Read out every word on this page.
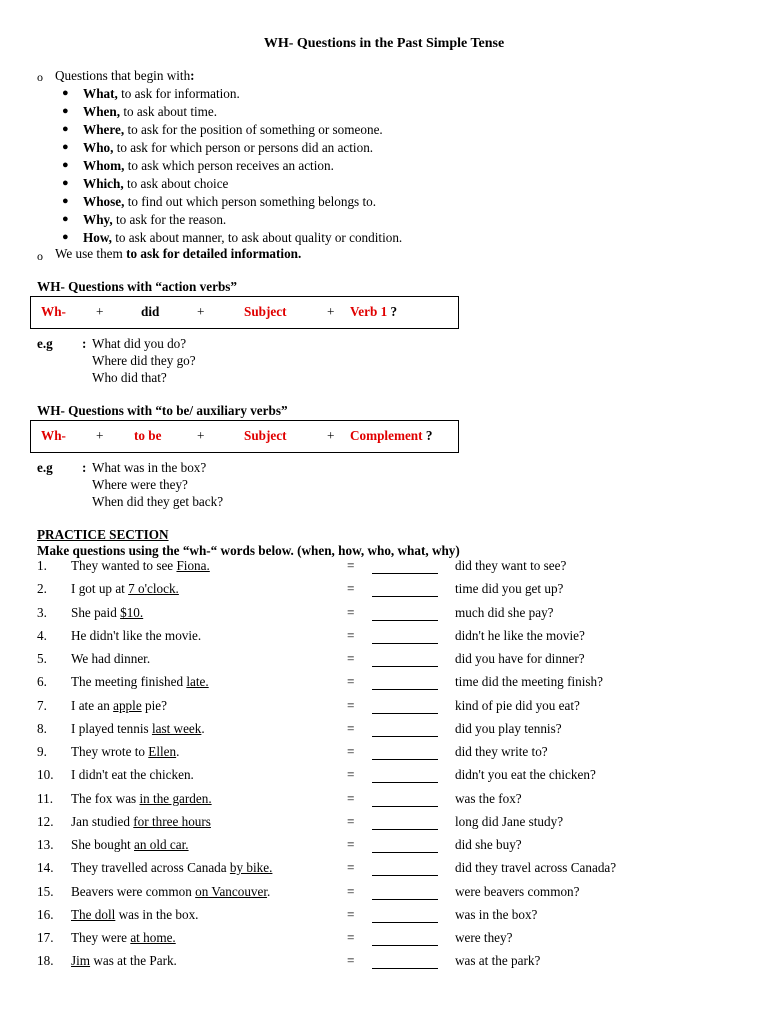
WH- Questions in the Past Simple Tense
o Questions that begin with:
● What, to ask for information.
● When, to ask about time.
● Where, to ask for the position of something or someone.
● Who, to ask for which person or persons did an action.
● Whom, to ask which person receives an action.
● Which, to ask about choice
● Whose, to find out which person something belongs to.
● Why, to ask for the reason.
● How, to ask about manner, to ask about quality or condition.
o We use them to ask for detailed information.
WH- Questions with “action verbs”
Wh- +	did	+	Subject	+ Verb 1 ?
e.g : What did you do?
Where did they go?
Who did that?
WH- Questions with “to be/ auxiliary verbs”
Wh- + to be	+	Subject	+ Complement ?
e.g : What was in the box?
Where were they?
When did they get back?
PRACTICE SECTION
Make questions using the “wh-“ words below. (when, how, who, what, why)
1. They wanted to see Fiona.	=	did they want to see?
2. I got up at 7 o'clock.	=	time did you get up?
3. She paid $10.	=	much did she pay?
4. He didn't like the movie.	=	didn't he like the movie?
5. We had dinner.	=	did you have for dinner?
6. The meeting finished late.	=	time did the meeting finish?
7. I ate an apple pie?	=	kind of pie did you eat?
8. I played tennis last week.	=	did you play tennis?
9. They wrote to Ellen.	=	did they write to?
10. I didn't eat the chicken.	=	didn't you eat the chicken?
11. The fox was in the garden.	=	was the fox?
12. Jan studied for three hours	=	long did Jane study?
13. She bought an old car.	=	did she buy?
14. They travelled across Canada by bike.	=	did they travel across Canada?
15. Beavers were common on Vancouver.	=	were beavers common?
16. The doll was in the box.	=	was in the box?
17. They were at home.	=	were they?
18. Jim was at the Park.	=	was at the park?
